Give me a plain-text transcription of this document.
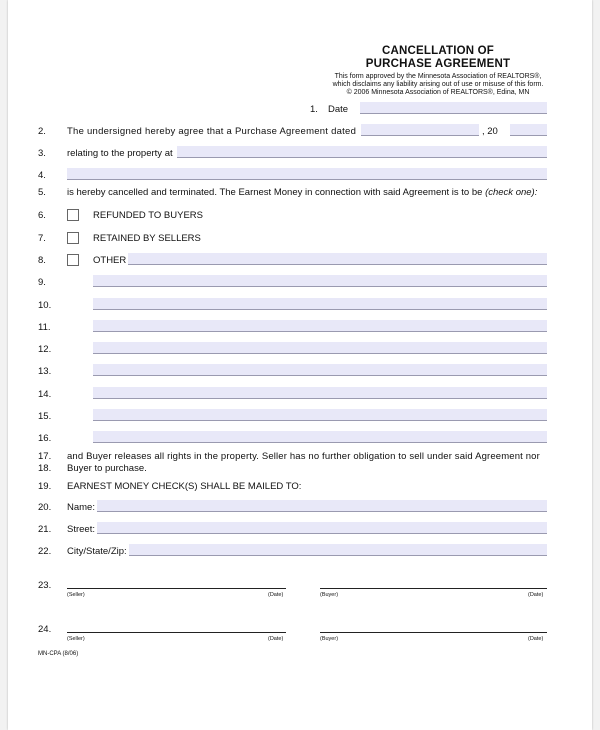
CANCELLATION OF
PURCHASE AGREEMENT
This form approved by the Minnesota Association of REALTORS®,
which disclaims any liability arising out of use or misuse of this form.
© 2006 Minnesota Association of REALTORS®, Edina, MN
1. Date
2.	The undersigned hereby agree that a Purchase Agreement dated	, 20
3.	relating to the property at
4.
5.	is hereby cancelled and terminated. The Earnest Money in connection with said Agreement is to be (check one):
6.	REFUNDED TO BUYERS
7.	RETAINED BY SELLERS
8.	OTHER
9.
10.
11.
12.
13.
14.
15.
16.
17.	and Buyer releases all rights in the property. Seller has no further obligation to sell under said Agreement nor
18.	Buyer to purchase.
19.	EARNEST MONEY CHECK(S) SHALL BE MAILED TO:
20.	Name:
21.	Street:
22.	City/State/Zip:
23.
(Seller)	(Date)	(Buyer)	(Date)
24.
(Seller)	(Date)	(Buyer)	(Date)
MN-CPA (8/06)
